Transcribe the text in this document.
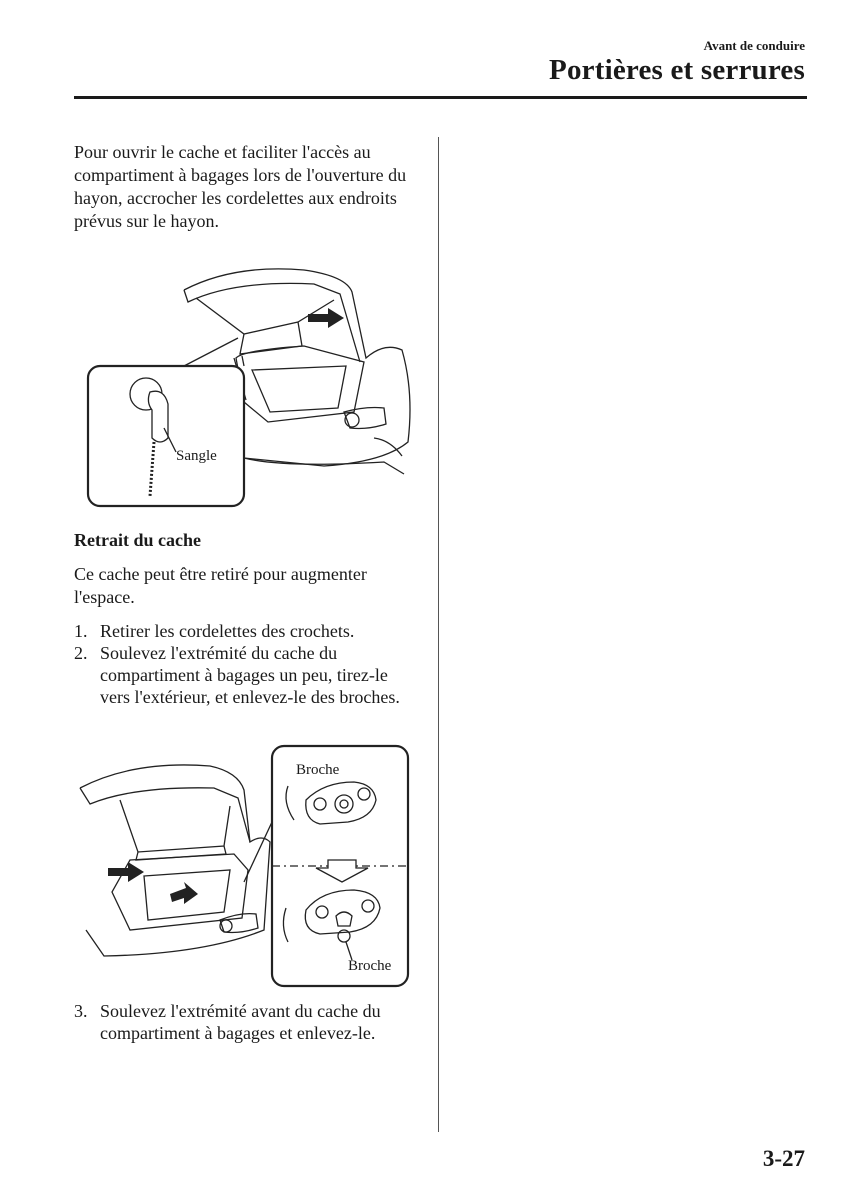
Avant de conduire
Portières et serrures

Pour ouvrir le cache et faciliter l'accès au compartiment à bagages lors de l'ouverture du hayon, accrocher les cordelettes aux endroits prévus sur le hayon.

Sangle
Retrait du cache

Ce cache peut être retiré pour augmenter l'espace.

1. Retirer les cordelettes des crochets.
2. Soulevez l'extrémité du cache du compartiment à bagages un peu, tirez-le vers l'extérieur, et enlevez-le des broches.
Broche
Broche
3. Soulevez l'extrémité avant du cache du compartiment à bagages et enlevez-le.
3-27
